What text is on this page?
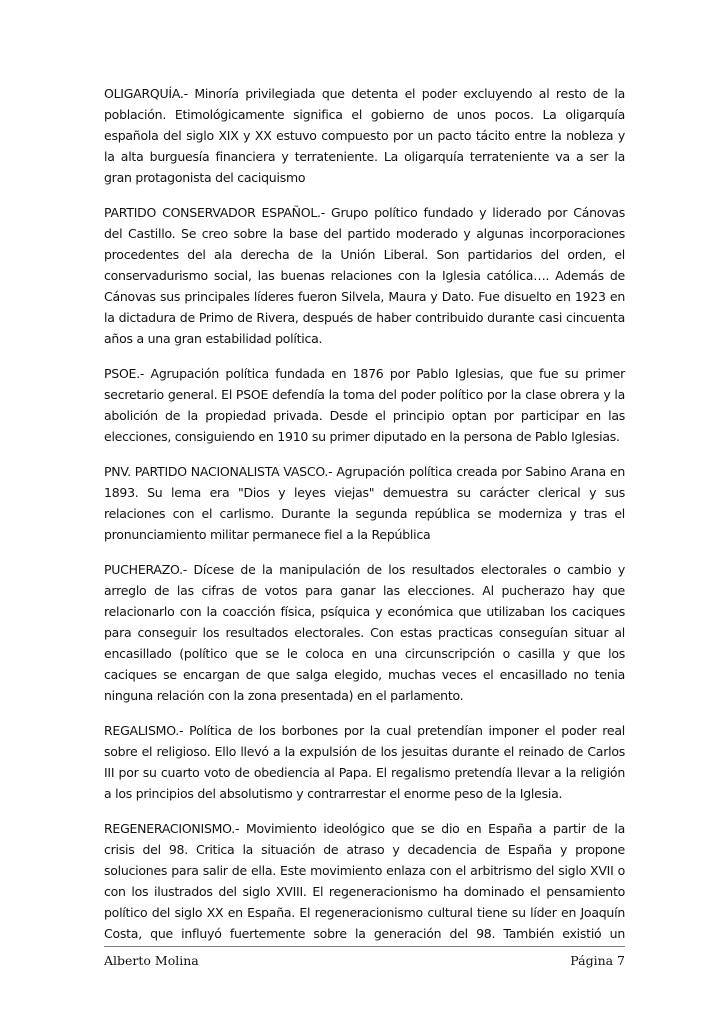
OLIGARQUÍA.- Minoría privilegiada que detenta el poder excluyendo al resto de la población. Etimológicamente significa el gobierno de unos pocos. La oligarquía española del siglo XIX y XX estuvo compuesto por un pacto tácito entre la nobleza y la alta burguesía financiera y terrateniente. La oligarquía terrateniente va a ser la gran protagonista del caciquismo

PARTIDO CONSERVADOR ESPAÑOL.- Grupo político fundado y liderado por Cánovas del Castillo. Se creo sobre la base del partido moderado y algunas incorporaciones procedentes del ala derecha de la Unión Liberal. Son partidarios del orden, el conservadurismo social, las buenas relaciones con la Iglesia católica…. Además de Cánovas sus principales líderes fueron Silvela, Maura y Dato. Fue disuelto en 1923 en la dictadura de Primo de Rivera, después de haber contribuido durante casi cincuenta años a una gran estabilidad política.

PSOE.- Agrupación política fundada en 1876 por Pablo Iglesias, que fue su primer secretario general. El PSOE defendía la toma del poder político por la clase obrera y la abolición de la propiedad privada. Desde el principio optan por participar en las elecciones, consiguiendo en 1910 su primer diputado en la persona de Pablo Iglesias.

PNV. PARTIDO NACIONALISTA VASCO.- Agrupación política creada por Sabino Arana en 1893. Su lema era "Dios y leyes viejas" demuestra su carácter clerical y sus relaciones con el carlismo. Durante la segunda república se moderniza y tras el pronunciamiento militar permanece fiel a la República

PUCHERAZO.- Dícese de la manipulación de los resultados electorales o cambio y arreglo de las cifras de votos para ganar las elecciones. Al pucherazo hay que relacionarlo con la coacción física, psíquica y económica que utilizaban los caciques para conseguir los resultados electorales. Con estas practicas conseguían situar al encasillado (político que se le coloca en una circunscripción o casilla y que los caciques se encargan de que salga elegido, muchas veces el encasillado no tenia ninguna relación con la zona presentada) en el parlamento.

REGALISMO.- Política de los borbones por la cual pretendían imponer el poder real sobre el religioso. Ello llevó a la expulsión de los jesuitas durante el reinado de Carlos III por su cuarto voto de obediencia al Papa. El regalismo pretendía llevar a la religión a los principios del absolutismo y contrarrestar el enorme peso de la Iglesia.

REGENERACIONISMO.- Movimiento ideológico que se dio en España a partir de la crisis del 98. Critica la situación de atraso y decadencia de España y propone soluciones para salir de ella. Este movimiento enlaza con el arbitrismo del siglo XVII o con los ilustrados del siglo XVIII. El regeneracionismo ha dominado el pensamiento político del siglo XX en España. El regeneracionismo cultural tiene su líder en Joaquín Costa, que influyó fuertemente sobre la generación del 98. También existió un

Alberto Molina	Página 7
